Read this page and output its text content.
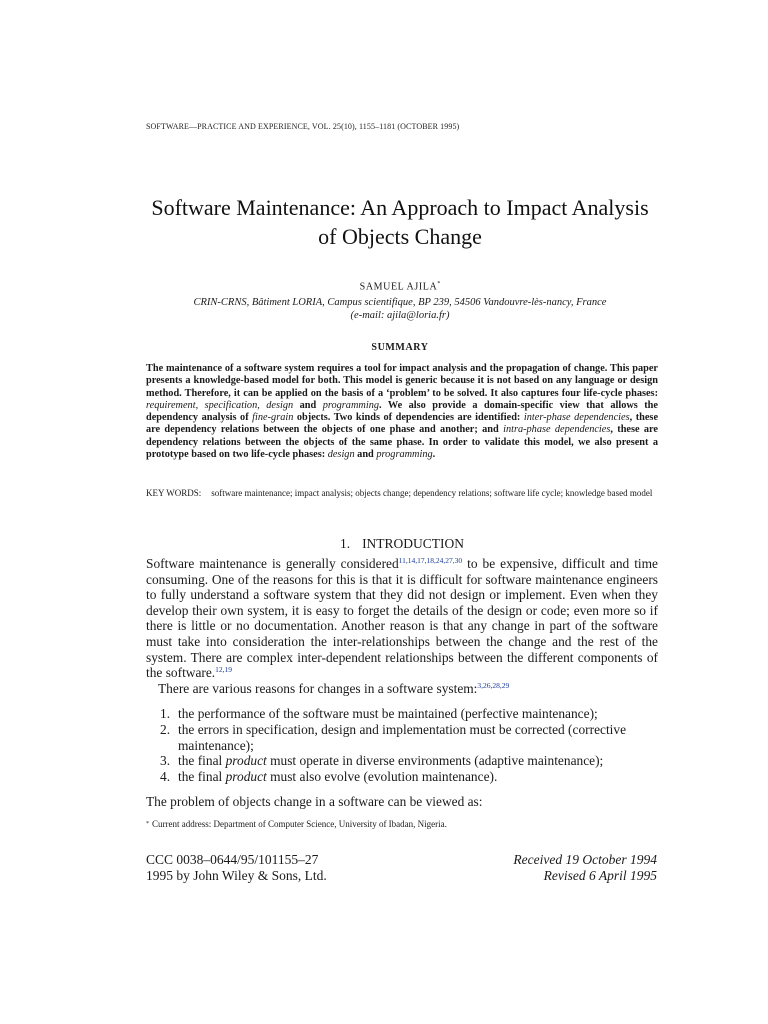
SOFTWARE—PRACTICE AND EXPERIENCE, VOL. 25(10), 1155–1181 (OCTOBER 1995)
Software Maintenance: An Approach to Impact Analysis
of Objects Change
SAMUEL AJILA*
CRIN-CRNS, Bâtiment LORIA, Campus scientifique, BP 239, 54506 Vandouvre-lès-nancy, France
(e-mail: ajila@loria.fr)
SUMMARY
The maintenance of a software system requires a tool for impact analysis and the propagation of change. This paper presents a knowledge-based model for both. This model is generic because it is not based on any language or design method. Therefore, it can be applied on the basis of a ‘problem’ to be solved. It also captures four life-cycle phases: requirement, specification, design and programming. We also provide a domain-specific view that allows the dependency analysis of fine-grain objects. Two kinds of dependencies are identified: inter-phase dependencies, these are dependency relations between the objects of one phase and another; and intra-phase dependencies, these are dependency relations between the objects of the same phase. In order to validate this model, we also present a prototype based on two life-cycle phases: design and programming.
KEY WORDS: software maintenance; impact analysis; objects change; dependency relations; software life cycle; knowledge based model
1. INTRODUCTION

Software maintenance is generally considered$^{11,14,17,18,24,27,30}$ to be expensive, difficult and time consuming. One of the reasons for this is that it is difficult for software maintenance engineers to fully understand a software system that they did not design or implement. Even when they develop their own system, it is easy to forget the details of the design or code; even more so if there is little or no documentation. Another reason is that any change in part of the software must take into consideration the inter-relationships between the change and the rest of the system. There are complex inter-dependent relationships between the different components of the software.$^{12,19}$

There are various reasons for changes in a software system:$^{3,26,28,29}$

1. the performance of the software must be maintained (perfective maintenance);
2. the errors in specification, design and implementation must be corrected (corrective maintenance);
3. the final product must operate in diverse environments (adaptive maintenance);
4. the final product must also evolve (evolution maintenance).

The problem of objects change in a software can be viewed as:

* Current address: Department of Computer Science, University of Ibadan, Nigeria.
CCC 0038–0644/95/101155–27
1995 by John Wiley & Sons, Ltd.
Received 19 October 1994
Revised 6 April 1995
